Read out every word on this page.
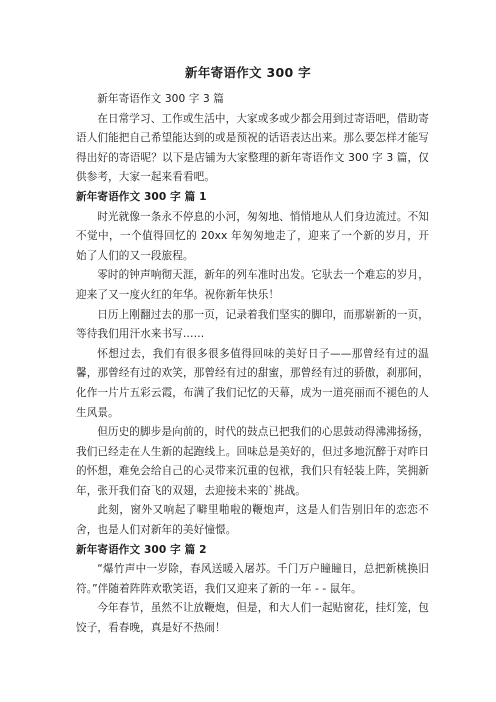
新年寄语作文 300 字

新年寄语作文 300 字 3 篇

在日常学习、工作或生活中，大家或多或少都会用到过寄语吧，借助寄语人们能把自己希望能达到的或是预祝的话语表达出来。那么要怎样才能写得出好的寄语呢？以下是店铺为大家整理的新年寄语作文 300 字 3 篇，仅供参考，大家一起来看看吧。

新年寄语作文 300 字 篇 1

时光就像一条永不停息的小河，匆匆地、悄悄地从人们身边流过。不知不觉中，一个值得回忆的 20xx 年匆匆地走了，迎来了一个新的岁月，开始了人们的又一段旅程。

零时的钟声响彻天涯，新年的列车准时出发。它驮去一个难忘的岁月，迎来了又一度火红的年华。祝你新年快乐！

日历上刚翻过去的那一页，记录着我们坚实的脚印，而那崭新的一页，等待我们用汗水来书写……

怀想过去，我们有很多很多值得回味的美好日子——那曾经有过的温馨，那曾经有过的欢笑，那曾经有过的甜蜜，那曾经有过的骄傲，刹那间，化作一片片五彩云霞，布满了我们记忆的天幕，成为一道亮丽而不褪色的人生风景。

但历史的脚步是向前的，时代的鼓点已把我们的心思鼓动得沸沸扬扬，我们已经走在人生新的起跑线上。回味总是美好的，但过多地沉醉于对昨日的怀想，难免会给自己的心灵带来沉重的包袱，我们只有轻装上阵，笑拥新年，张开我们奋飞的双翅，去迎接未来的`挑战。

此刻，窗外又响起了噼里啪啦的鞭炮声，这是人们告别旧年的恋恋不舍，也是人们对新年的美好憧憬。

新年寄语作文 300 字 篇 2

“爆竹声中一岁除，春风送暖入屠苏。千门万户瞳瞳日，总把新桃换旧符。”伴随着阵阵欢歌笑语，我们又迎来了新的一年 - - 鼠年。

今年春节，虽然不让放鞭炮，但是，和大人们一起贴窗花，挂灯笼，包饺子，看春晚，真是好不热闹！
